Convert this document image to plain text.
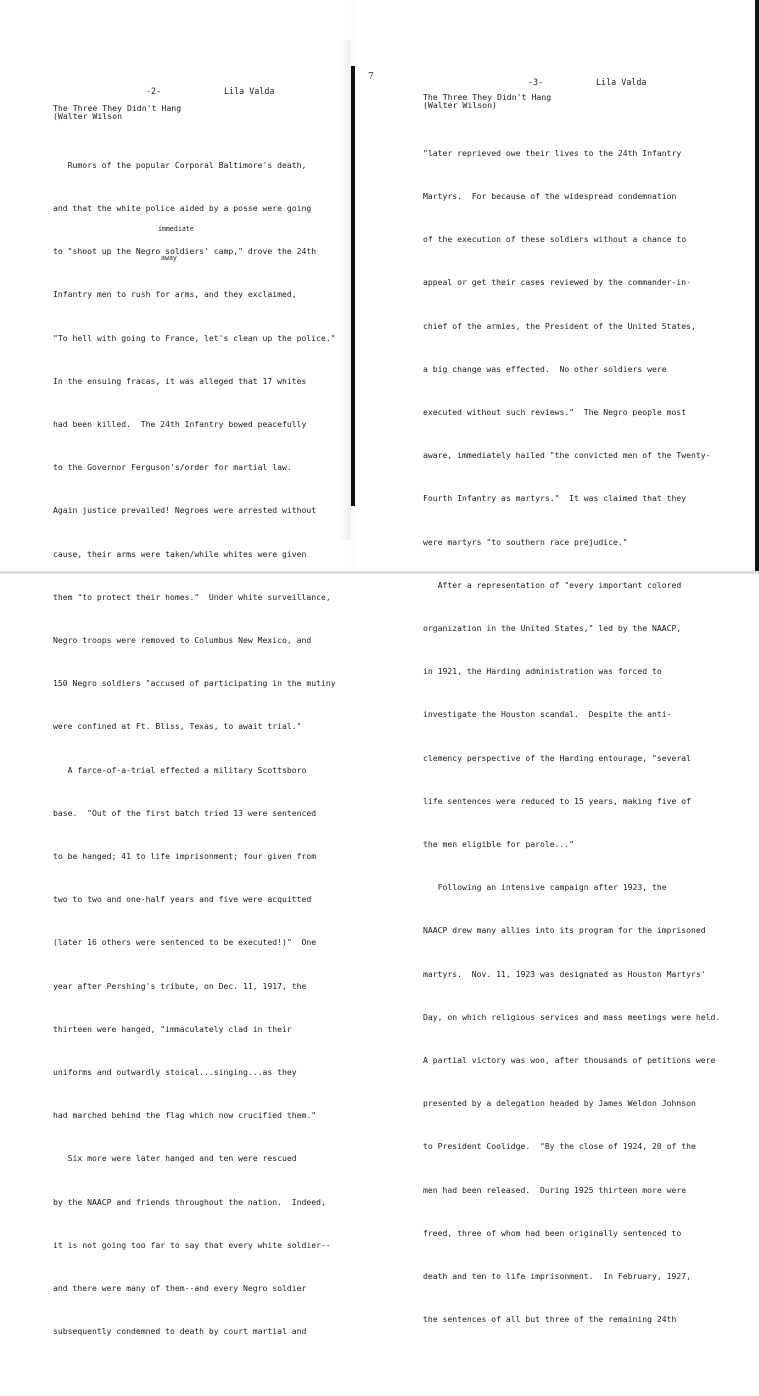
-2-	Lila Valda
The Three They Didn't Hang
(Walter Wilson

Rumors of the popular Corporal Baltimore's death,

and that the white police aided by a posse were going

to "shoot up the Negro soldiers' camp," drove the 24th

Infantry men to rush for arms, and they exclaimed,

"To hell with going to France, let's clean up the police."

In the ensuing fracas, it was alleged that 17 whites

had been killed.  The 24th Infantry bowed peacefully

to the Governor Ferguson's/order for martial law.

Again justice prevailed! Negroes were arrested without

cause, their arms were taken/while whites were given

them "to protect their homes."  Under white surveillance,

Negro troops were removed to Columbus New Mexico, and

150 Negro soldiers "accused of participating in the mutiny

were confined at Ft. Bliss, Texas, to await trial."

A farce-of-a-trial effected a military Scottsboro

base.  "Out of the first batch tried 13 were sentenced

to be hanged; 41 to life imprisonment; four given from

two to two and one-half years and five were acquitted

(later 16 others were sentenced to be executed!)"  One

year after Pershing's tribute, on Dec. 11, 1917, the

thirteen were hanged, "immaculately clad in their

uniforms and outwardly stoical...singing...as they

had marched behind the flag which now crucified them."

Six more were later hanged and ten were rescued

by the NAACP and friends throughout the nation.  Indeed,

it is not going too far to say that every white soldier--

and there were many of them--and every Negro soldier

subsequently condemned to death by court martial and

immediate

away

7	-3-	Lila Valda
The Three They Didn't Hang
(Walter Wilson)

"later reprieved owe their lives to the 24th Infantry

Martyrs.  For because of the widespread condemnation

of the execution of these soldiers without a chance to

appeal or get their cases reviewed by the commander-in-

chief of the armies, the President of the United States,

a big change was effected.  No other soldiers were

executed without such reviews."  The Negro people most

aware, immediately hailed "the convicted men of the Twenty-

Fourth Infantry as martyrs."  It was claimed that they

were martyrs "to southern race prejudice."

After a representation of "every important colored

organization in the United States," led by the NAACP,

in 1921, the Harding administration was forced to

investigate the Houston scandal.  Despite the anti-

clemency perspective of the Harding entourage, "several

life sentences were reduced to 15 years, making five of

the men eligible for parole..."

Following an intensive campaign after 1923, the

NAACP drew many allies into its program for the imprisoned

martyrs.  Nov. 11, 1923 was designated as Houston Martyrs'

Day, on which religious services and mass meetings were held.

A partial victory was won, after thousands of petitions were

presented by a delegation headed by James Weldon Johnson

to President Coolidge.  "By the close of 1924, 20 of the

men had been released.  During 1925 thirteen more were

freed, three of whom had been originally sentenced to

death and ten to life imprisonment.  In February, 1927,

the sentences of all but three of the remaining 24th
